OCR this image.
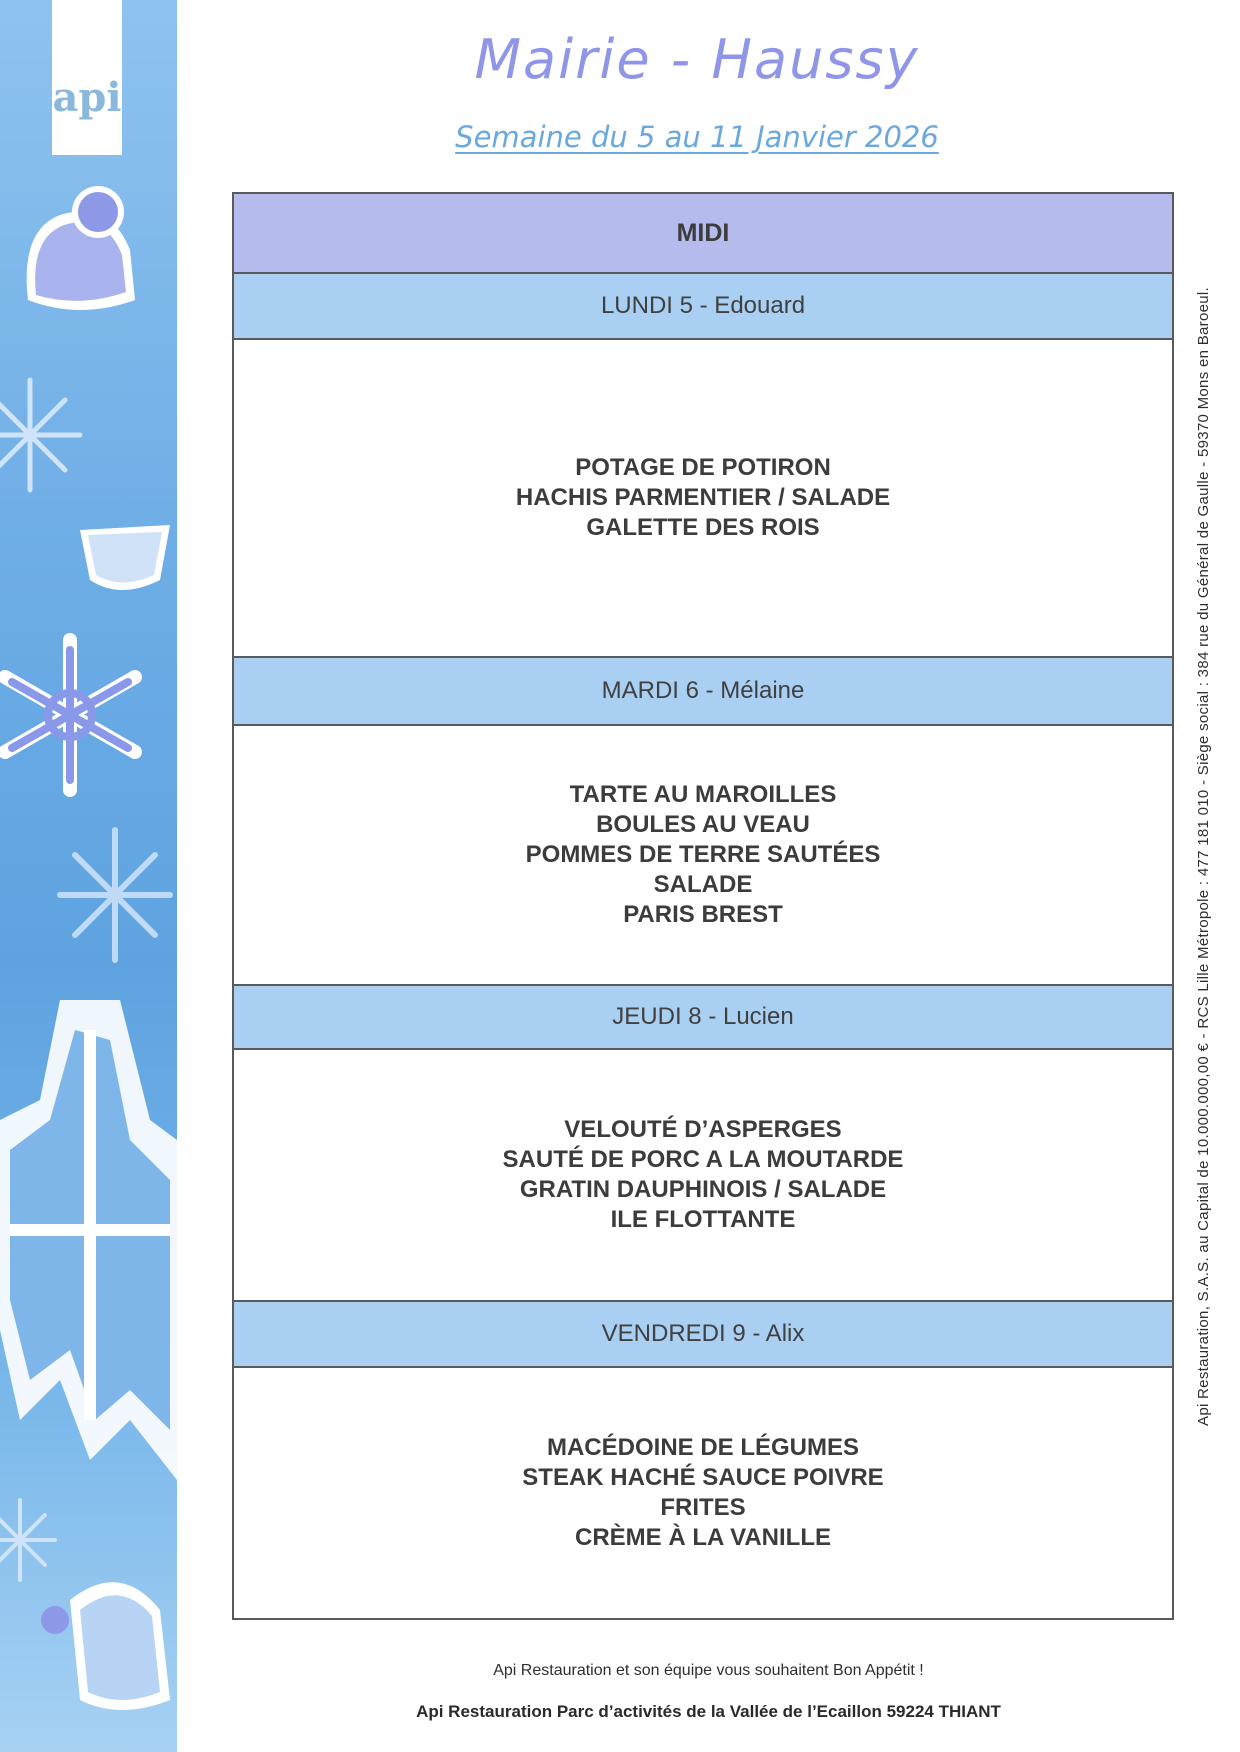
api
Mairie - Haussy
Semaine du 5 au 11 Janvier 2026
MIDI
LUNDI 5 - Edouard
POTAGE DE POTIRON
HACHIS PARMENTIER / SALADE
GALETTE DES ROIS
MARDI 6 - Mélaine
TARTE AU MAROILLES
BOULES AU VEAU
POMMES DE TERRE SAUTÉES
SALADE
PARIS BREST
JEUDI 8 - Lucien
VELOUTÉ D’ASPERGES
SAUTÉ DE PORC A LA MOUTARDE
GRATIN DAUPHINOIS / SALADE
ILE FLOTTANTE
VENDREDI 9 - Alix
MACÉDOINE DE LÉGUMES
STEAK HACHÉ SAUCE POIVRE
FRITES
CRÈME À LA VANILLE
Api Restauration, S.A.S. au Capital de 10.000.000,00 € - RCS Lille Métropole : 477 181 010 - Siège social : 384 rue du Général de Gaulle - 59370 Mons en Baroeul.
Api Restauration et son équipe vous souhaitent Bon Appétit !
Api Restauration Parc d’activités de la Vallée de l’Ecaillon 59224 THIANT
